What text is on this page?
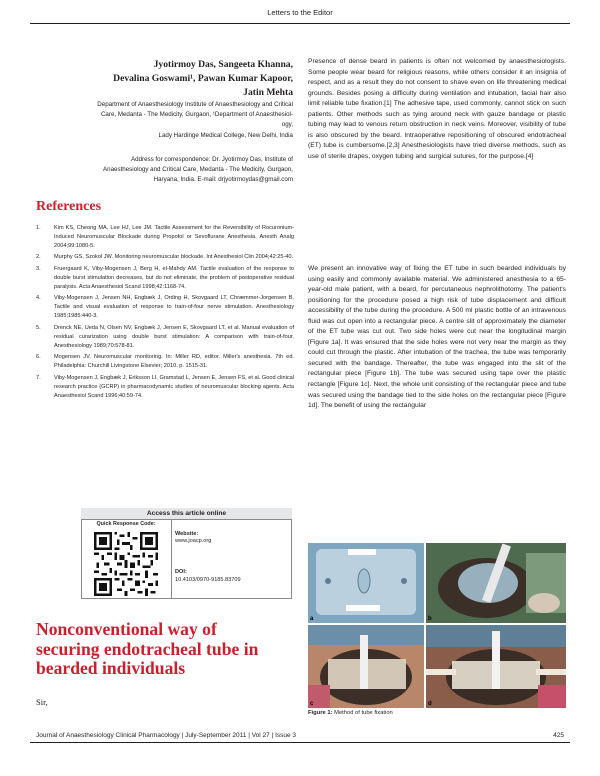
Letters to the Editor
Jyotirmoy Das, Sangeeta Khanna,
Devalina Goswami¹, Pawan Kumar Kapoor,
Jatin Mehta
Department of Anaesthesiology Institute of Anaesthesiology and Critical
Care, Medanta - The Medicity, Gurgaon, ¹Department of Anaesthesiol-
ogy,
Lady Hardinge Medical College, New Delhi, India
Address for correspondence: Dr. Jyotirmoy Das, Institute of
Anaesthesiology and Critical Care, Medanta - The Medicity, Gurgaon,
Haryana, India. E-mail: drjyotirmoydas@gmail.com
References
1.	Kim KS, Cheong MA, Lee HJ, Lee JM. Tactile Assessment for the Reversibility of Rocuronium-Induced Neuromuscular Blockade during Propofol or Sevoflurane Anesthesia. Anesth Analg 2004;99:1080-5.
2.	Murphy GS, Szokol JW. Monitoring neuromuscular blockade. Int Anesthesiol Clin 2004;42:25-40.
3.	Fruergaard K, Viby-Mogensen J, Berg H, el-Mahdy AM. Tactile evaluation of the response to double burst stimulation decreases, but do not eliminate, the problem of postoperative residual paralysis. Acta Anaesthesiol Scand 1998;42:1168-74.
4.	Viby-Mogensen J, Jensen NH, Engbæk J, Ording H, Skovgaard LT, Chræmmer-Jorgensen B. Tactile and visual evaluation of response to train-of-four nerve stimulation. Anesthesiology 1985;1985:440-3.
5.	Drenck NE, Ueda N, Olsen NV, Engbæk J, Jensen E, Skovgaard LT, et al. Manual evaluation of residual curarization using double burst stimulation: A comparison with train-of-four. Anesthesiology 1989;70:578-81.
6.	Mogensen JV. Neuromuscular monitoring. In: Miller RD, editor. Miller's anesthesia. 7th ed. Philadelphia: Churchill Livingstone Elsevier; 2010. p. 1515-31.
7.	Viby-Mogensen J, Engbæk J, Eriksson LI, Gramstad L, Jensen E, Jensen FS, et al. Good clinical research practice (GCRP) in pharmacodynamic studies of neuromuscular blocking agents. Acta Anaesthesiol Scand 1996;40:59-74.
Access this article online
Quick Response Code:
Website:
www.joacp.org
DOI:
10.4103/0970-9185.83709
Nonconventional way of
securing endotracheal tube in
bearded individuals
Sir,
Presence of dense beard in patients is often not welcomed by anaesthesiologists. Some people wear beard for religious reasons, while others consider it an insignia of respect, and as a result they do not consent to shave even on life threatening medical grounds. Besides posing a difficulty during ventilation and intubation, facial hair also limit reliable tube fixation.[1] The adhesive tape, used commonly, cannot stick on such patients. Other methods such as tying around neck with gauze bandage or plastic tubing may lead to venous return obstruction in neck veins. Moreover, visibility of tube is also obscured by the beard. Intraoperative repositioning of obscured endotracheal (ET) tube is cumbersome.[2,3] Anesthesiologists have tried diverse methods, such as use of sterile drapes, oxygen tubing and surgical sutures, for the purpose.[4]
We present an innovative way of fixing the ET tube in such bearded individuals by using easily and commonly available material. We administered anesthesia to a 65-year-old male patient, with a beard, for percutaneous nephrolithotomy. The patient's positioning for the procedure posed a high risk of tube displacement and difficult accessibility of the tube during the procedure. A 500 ml plastic bottle of an intravenous fluid was cut open into a rectangular piece. A centre slit of approximately the diameter of the ET tube was cut out. Two side holes were cut near the longitudinal margin [Figure 1a]. It was ensured that the side holes were not very near the margin as they could cut through the plastic. After intubation of the trachea, the tube was temporarily secured with the bandage. Thereafter, the tube was engaged into the slit of the rectangular piece [Figure 1b]. The tube was secured using tape over the plastic rectangle [Figure 1c]. Next, the whole unit consisting of the rectangular piece and tube was secured using the bandage tied to the side holes on the rectangular piece [Figure 1d]. The benefit of using the rectangular
a	b
c	d
Figure 1: Method of tube fixation
Journal of Anaesthesiology Clinical Pharmacology | July-September 2011 | Vol 27 | Issue 3	425
